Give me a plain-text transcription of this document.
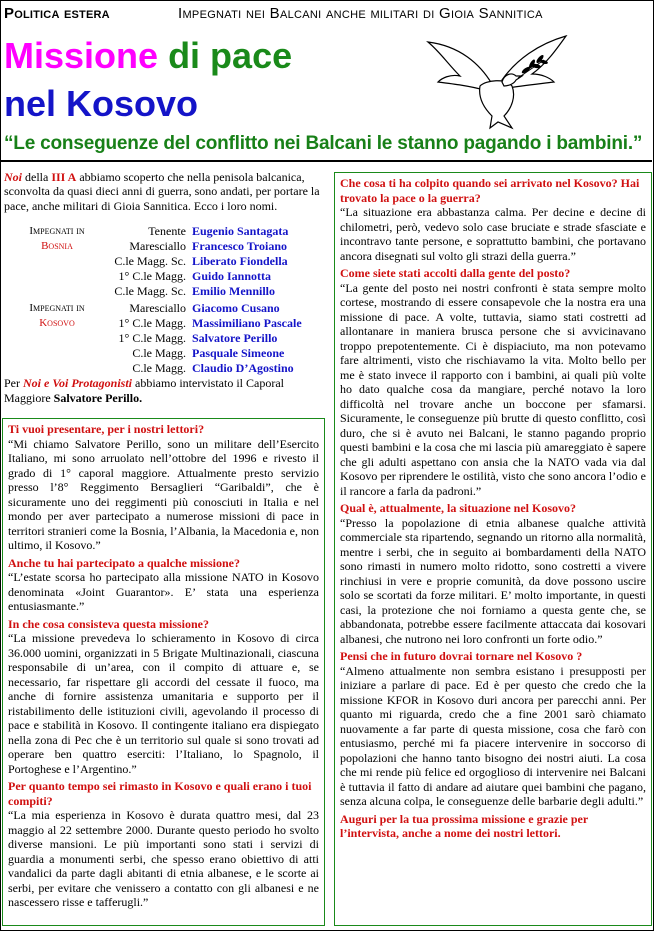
Politica estera	Impegnati nei Balcani anche militari di Gioia Sannitica
Missione di pace
nel Kosovo
“Le conseguenze del conflitto nei Balcani le stanno pagando i bambini.”
Noi della III A abbiamo scoperto che nella penisola balcanica, sconvolta da quasi dieci anni di guerra, sono andati, per portare la pace, anche militari di Gioia Sannitica. Ecco i loro nomi.
Impegnati in
Bosnia
Tenente Eugenio Santagata
Maresciallo Francesco Troiano
C.le Magg. Sc. Liberato Fiondella
1° C.le Magg. Guido Iannotta
C.le Magg. Sc. Emilio Mennillo
Impegnati in
Kosovo
Maresciallo Giacomo Cusano
1° C.le Magg. Massimiliano Pascale
1° C.le Magg. Salvatore Perillo
C.le Magg. Pasquale Simeone
C.le Magg. Claudio D’Agostino
Per Noi e Voi Protagonisti abbiamo intervistato il Caporal Maggiore Salvatore Perillo.
Ti vuoi presentare, per i nostri lettori?
“Mi chiamo Salvatore Perillo, sono un militare dell’Esercito Italiano, mi sono arruolato nell’ottobre del 1996 e rivesto il grado di 1° caporal maggiore. Attualmente presto servizio presso l’8° Reggimento Bersaglieri “Garibaldi”, che è sicuramente uno dei reggimenti più conosciuti in Italia e nel mondo per aver partecipato a numerose missioni di pace in territori stranieri come la Bosnia, l’Albania, la Macedonia e, non ultimo, il Kosovo.”
Anche tu hai partecipato a qualche missione?
“L’estate scorsa ho partecipato alla missione NATO in Kosovo denominata «Joint Guarantor». E’ stata una esperienza entusiasmante.”
In che cosa consisteva questa missione?
“La missione prevedeva lo schieramento in Kosovo di circa 36.000 uomini, organizzati in 5 Brigate Multinazionali, ciascuna responsabile di un’area, con il compito di attuare e, se necessario, far rispettare gli accordi del cessate il fuoco, ma anche di fornire assistenza umanitaria e supporto per il ristabilimento delle istituzioni civili, agevolando il processo di pace e stabilità in Kosovo. Il contingente italiano era dispiegato nella zona di Pec che è un territorio sul quale si sono trovati ad operare ben quattro eserciti: l’Italiano, lo Spagnolo, il Portoghese e l’Argentino.”
Per quanto tempo sei rimasto in Kosovo e quali erano i tuoi compiti?
“La mia esperienza in Kosovo è durata quattro mesi, dal 23 maggio al 22 settembre 2000. Durante questo periodo ho svolto diverse mansioni. Le più importanti sono stati i servizi di guardia a monumenti serbi, che spesso erano obiettivo di atti vandalici da parte dagli abitanti di etnia albanese, e le scorte ai serbi, per evitare che venissero a contatto con gli albanesi e ne nascessero risse e tafferugli.”
Che cosa ti ha colpito quando sei arrivato nel Kosovo? Hai trovato la pace o la guerra?
“La situazione era abbastanza calma. Per decine e decine di chilometri, però, vedevo solo case bruciate e strade sfasciate e incontravo tante persone, e soprattutto bambini, che portavano ancora disegnati sul volto gli strazi della guerra.”
Come siete stati accolti dalla gente del posto?
“La gente del posto nei nostri confronti è stata sempre molto cortese, mostrando di essere consapevole che la nostra era una missione di pace. A volte, tuttavia, siamo stati costretti ad allontanare in maniera brusca persone che si avvicinavano troppo prepotentemente. Ci è dispiaciuto, ma non potevamo fare altrimenti, visto che rischiavamo la vita. Molto bello per me è stato invece il rapporto con i bambini, ai quali più volte ho dato qualche cosa da mangiare, perché notavo la loro difficoltà nel trovare anche un boccone per sfamarsi. Sicuramente, le conseguenze più brutte di questo conflitto, così duro, che si è avuto nei Balcani, le stanno pagando proprio questi bambini e la cosa che mi lascia più amareggiato è sapere che gli adulti aspettano con ansia che la NATO vada via dal Kosovo per riprendere le ostilità, visto che sono ancora l’odio e il rancore a farla da padroni.”
Qual è, attualmente, la situazione nel Kosovo?
“Presso la popolazione di etnia albanese qualche attività commerciale sta ripartendo, segnando un ritorno alla normalità, mentre i serbi, che in seguito ai bombardamenti della NATO sono rimasti in numero molto ridotto, sono costretti a vivere rinchiusi in vere e proprie comunità, da dove possono uscire solo se scortati da forze militari. E’ molto importante, in questi casi, la protezione che noi forniamo a questa gente che, se abbandonata, potrebbe essere facilmente attaccata dai kosovari albanesi, che nutrono nei loro confronti un forte odio.”
Pensi che in futuro dovrai tornare nel Kosovo ?
“Almeno attualmente non sembra esistano i presupposti per iniziare a parlare di pace. Ed è per questo che credo che la missione KFOR in Kosovo duri ancora per parecchi anni. Per quanto mi riguarda, credo che a fine 2001 sarò chiamato nuovamente a far parte di questa missione, cosa che farò con entusiasmo, perché mi fa piacere intervenire in soccorso di popolazioni che hanno tanto bisogno dei nostri aiuti. La cosa che mi rende più felice ed orgoglioso di intervenire nei Balcani è tuttavia il fatto di andare ad aiutare quei bambini che pagano, senza alcuna colpa, le conseguenze delle barbarie degli adulti.”
Auguri per la tua prossima missione e grazie per l’intervista, anche a nome dei nostri lettori.
